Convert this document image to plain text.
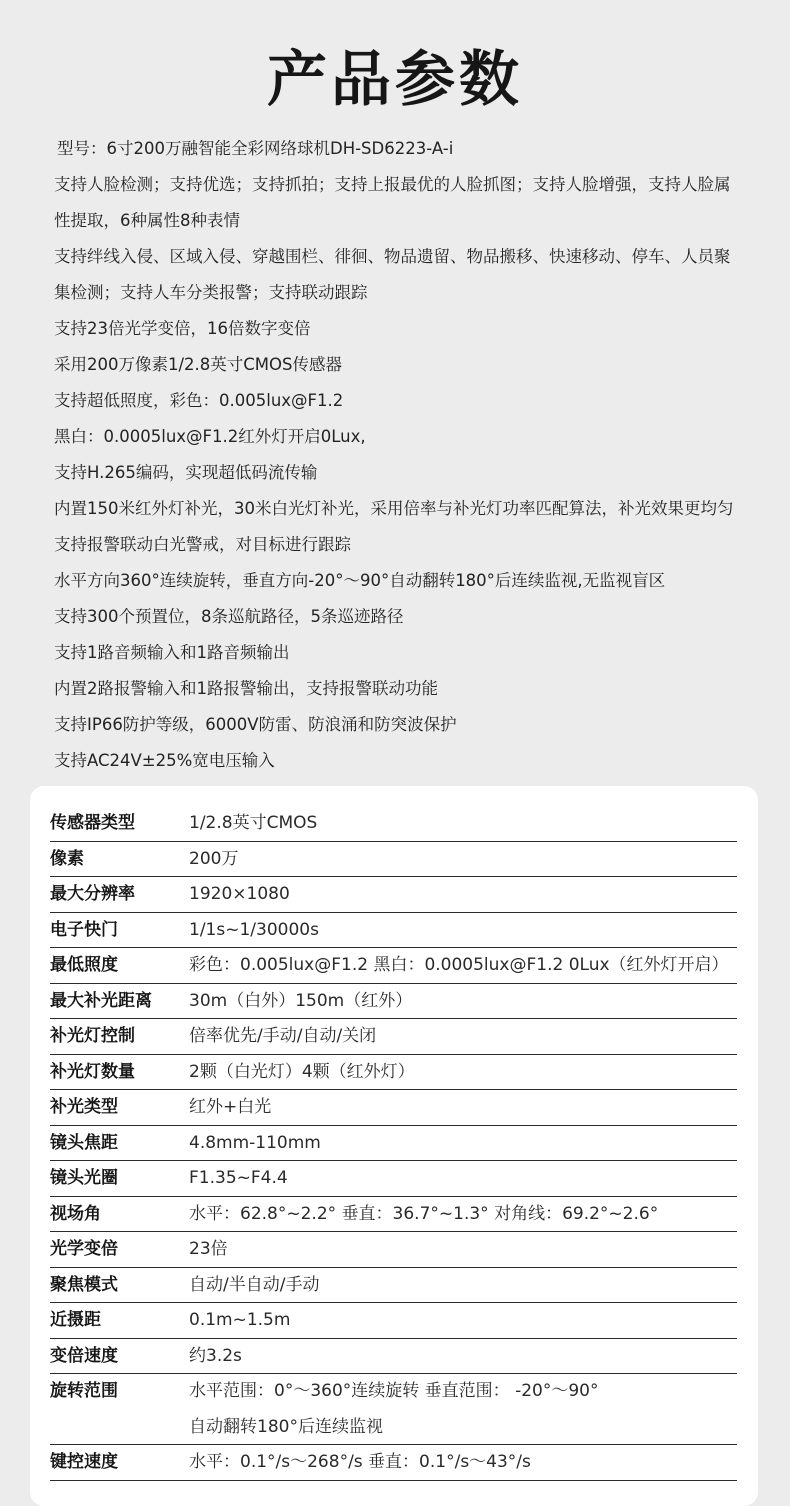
产品参数
型号：6寸200万融智能全彩网络球机DH-SD6223-A-i
支持人脸检测；支持优选；支持抓拍；支持上报最优的人脸抓图；支持人脸增强，支持人脸属
性提取，6种属性8种表情
支持绊线入侵、区域入侵、穿越围栏、徘徊、物品遗留、物品搬移、快速移动、停车、人员聚
集检测；支持人车分类报警；支持联动跟踪
支持23倍光学变倍，16倍数字变倍
采用200万像素1/2.8英寸CMOS传感器
支持超低照度，彩色：0.005lux@F1.2
黑白：0.0005lux@F1.2红外灯开启0Lux,
支持H.265编码，实现超低码流传输
内置150米红外灯补光，30米白光灯补光，采用倍率与补光灯功率匹配算法，补光效果更均匀
支持报警联动白光警戒，对目标进行跟踪
水平方向360°连续旋转，垂直方向-20°～90°自动翻转180°后连续监视,无监视盲区
支持300个预置位，8条巡航路径，5条巡迹路径
支持1路音频输入和1路音频输出
内置2路报警输入和1路报警输出，支持报警联动功能
支持IP66防护等级，6000V防雷、防浪涌和防突波保护
支持AC24V±25%宽电压输入
传感器类型	1/2.8英寸CMOS
像素	200万
最大分辨率	1920×1080
电子快门	1/1s~1/30000s
最低照度	彩色：0.005lux@F1.2 黑白：0.0005lux@F1.2 0Lux（红外灯开启）
最大补光距离	30m（白外）150m（红外）
补光灯控制	倍率优先/手动/自动/关闭
补光灯数量	2颗（白光灯）4颗（红外灯）
补光类型	红外+白光
镜头焦距	4.8mm-110mm
镜头光圈	F1.35~F4.4
视场角	水平：62.8°~2.2° 垂直：36.7°~1.3° 对角线：69.2°~2.6°
光学变倍	23倍
聚焦模式	自动/半自动/手动
近摄距	0.1m~1.5m
变倍速度	约3.2s
旋转范围	水平范围：0°～360°连续旋转 垂直范围： -20°～90°
自动翻转180°后连续监视

键控速度	水平：0.1°/s～268°/s 垂直：0.1°/s～43°/s
